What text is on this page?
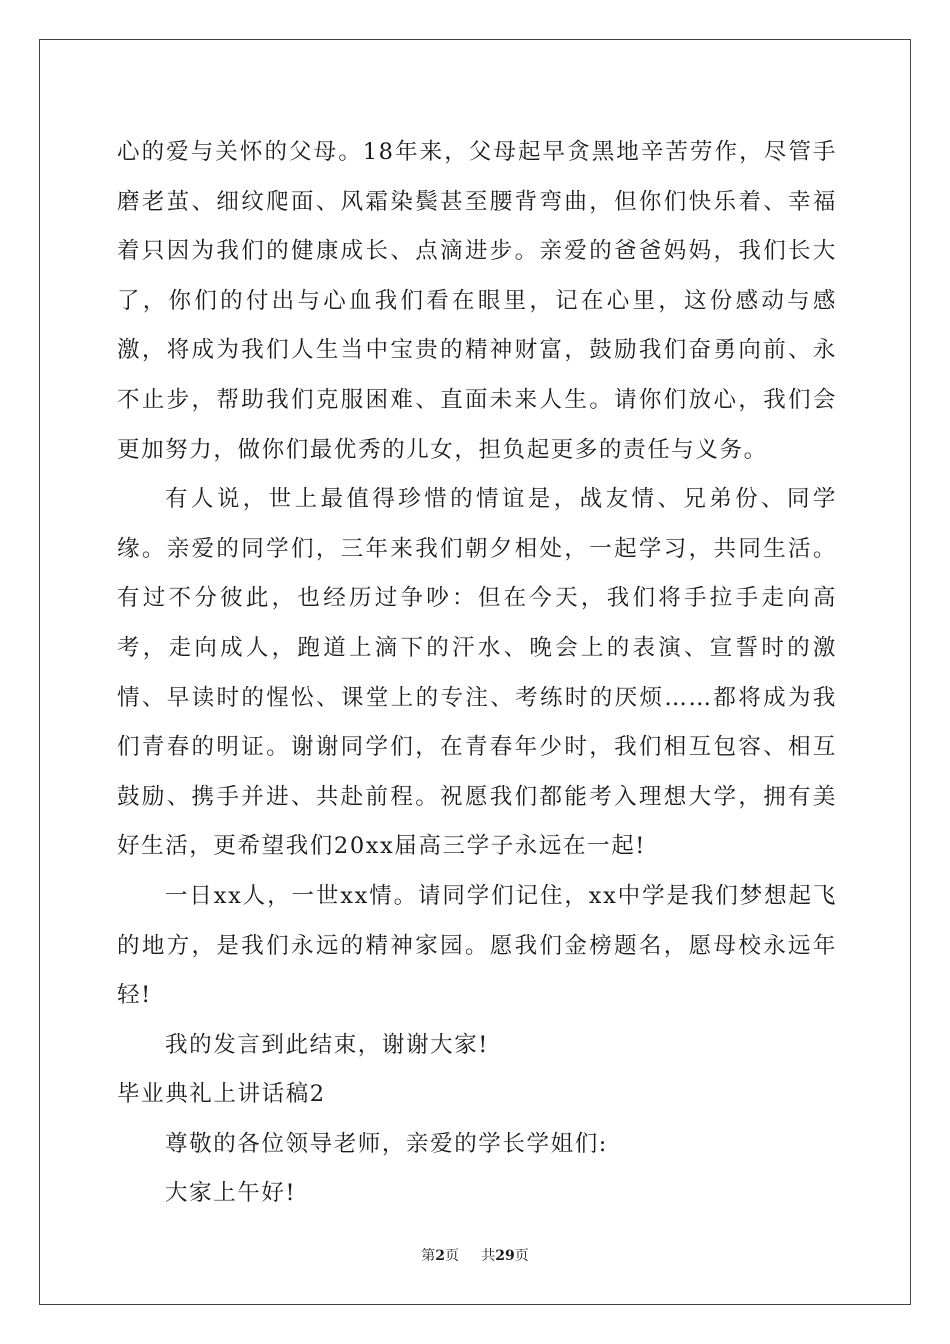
心的爱与关怀的父母。18年来，父母起早贪黑地辛苦劳作，尽管手磨老茧、细纹爬面、风霜染鬓甚至腰背弯曲，但你们快乐着、幸福着只因为我们的健康成长、点滴进步。亲爱的爸爸妈妈，我们长大了，你们的付出与心血我们看在眼里，记在心里，这份感动与感激，将成为我们人生当中宝贵的精神财富，鼓励我们奋勇向前、永不止步，帮助我们克服困难、直面未来人生。请你们放心，我们会更加努力，做你们最优秀的儿女，担负起更多的责任与义务。

有人说，世上最值得珍惜的情谊是，战友情、兄弟份、同学缘。亲爱的同学们，三年来我们朝夕相处，一起学习，共同生活。有过不分彼此，也经历过争吵：但在今天，我们将手拉手走向高考，走向成人，跑道上滴下的汗水、晚会上的表演、宣誓时的激情、早读时的惺忪、课堂上的专注、考练时的厌烦……都将成为我们青春的明证。谢谢同学们，在青春年少时，我们相互包容、相互鼓励、携手并进、共赴前程。祝愿我们都能考入理想大学，拥有美好生活，更希望我们20xx届高三学子永远在一起!

一日xx人，一世xx情。请同学们记住，xx中学是我们梦想起飞的地方，是我们永远的精神家园。愿我们金榜题名，愿母校永远年轻!

我的发言到此结束，谢谢大家!

毕业典礼上讲话稿2

尊敬的各位领导老师，亲爱的学长学姐们:

大家上午好!

第2页 共29页
